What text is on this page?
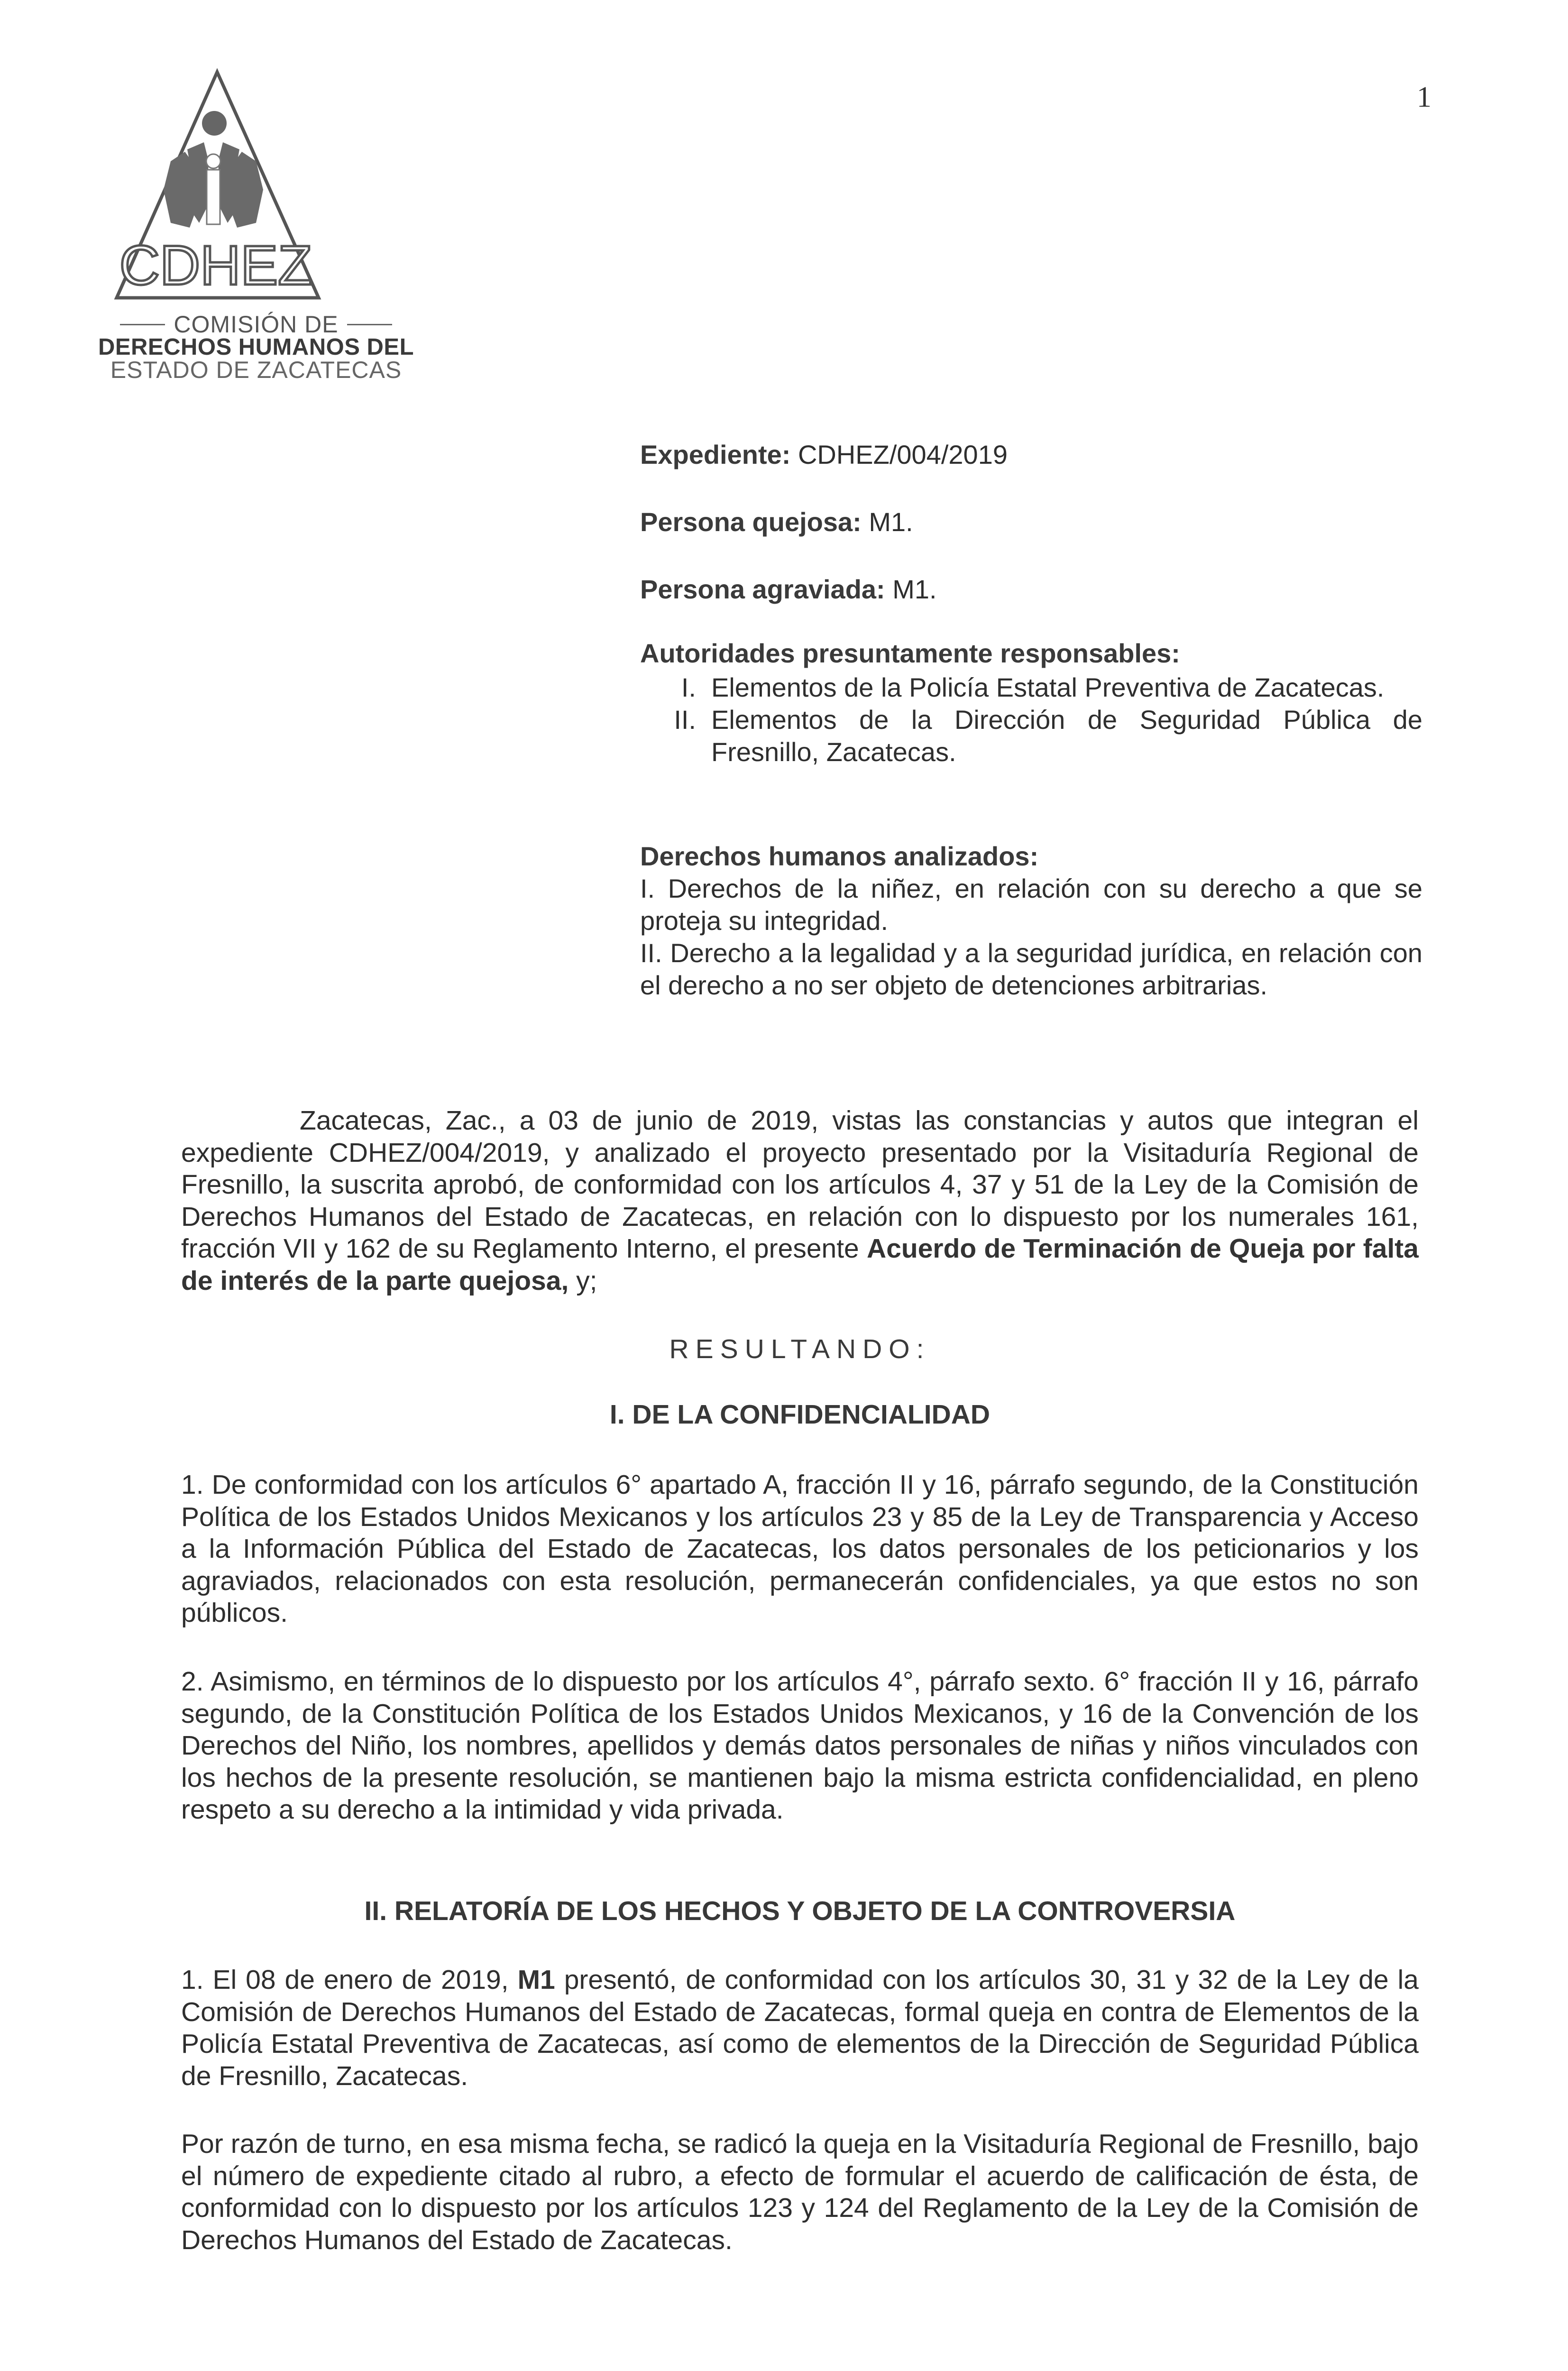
1
CDHEZ
COMISIÓN DE
DERECHOS HUMANOS DEL
ESTADO DE ZACATECAS
Expediente: CDHEZ/004/2019
Persona quejosa: M1.
Persona agraviada: M1.
Autoridades presuntamente responsables:
I. Elementos de la Policía Estatal Preventiva de Zacatecas.
II. Elementos de la Dirección de Seguridad Pública de Fresnillo, Zacatecas.
Derechos humanos analizados:
I. Derechos de la niñez, en relación con su derecho a que se proteja su integridad.
II. Derecho a la legalidad y a la seguridad jurídica, en relación con el derecho a no ser objeto de detenciones arbitrarias.
Zacatecas, Zac., a 03 de junio de 2019, vistas las constancias y autos que integran el expediente CDHEZ/004/2019, y analizado el proyecto presentado por la Visitaduría Regional de Fresnillo, la suscrita aprobó, de conformidad con los artículos 4, 37 y 51 de la Ley de la Comisión de Derechos Humanos del Estado de Zacatecas, en relación con lo dispuesto por los numerales 161, fracción VII y 162 de su Reglamento Interno, el presente Acuerdo de Terminación de Queja por falta de interés de la parte quejosa, y;
RESULTANDO:
I. DE LA CONFIDENCIALIDAD
1. De conformidad con los artículos 6° apartado A, fracción II y 16, párrafo segundo, de la Constitución Política de los Estados Unidos Mexicanos y los artículos 23 y 85 de la Ley de Transparencia y Acceso a la Información Pública del Estado de Zacatecas, los datos personales de los peticionarios y los agraviados, relacionados con esta resolución, permanecerán confidenciales, ya que estos no son públicos.
2. Asimismo, en términos de lo dispuesto por los artículos 4°, párrafo sexto. 6° fracción II y 16, párrafo segundo, de la Constitución Política de los Estados Unidos Mexicanos, y 16 de la Convención de los Derechos del Niño, los nombres, apellidos y demás datos personales de niñas y niños vinculados con los hechos de la presente resolución, se mantienen bajo la misma estricta confidencialidad, en pleno respeto a su derecho a la intimidad y vida privada.
II. RELATORÍA DE LOS HECHOS Y OBJETO DE LA CONTROVERSIA
1. El 08 de enero de 2019, M1 presentó, de conformidad con los artículos 30, 31 y 32 de la Ley de la Comisión de Derechos Humanos del Estado de Zacatecas, formal queja en contra de Elementos de la Policía Estatal Preventiva de Zacatecas, así como de elementos de la Dirección de Seguridad Pública de Fresnillo, Zacatecas.
Por razón de turno, en esa misma fecha, se radicó la queja en la Visitaduría Regional de Fresnillo, bajo el número de expediente citado al rubro, a efecto de formular el acuerdo de calificación de ésta, de conformidad con lo dispuesto por los artículos 123 y 124 del Reglamento de la Ley de la Comisión de Derechos Humanos del Estado de Zacatecas.
